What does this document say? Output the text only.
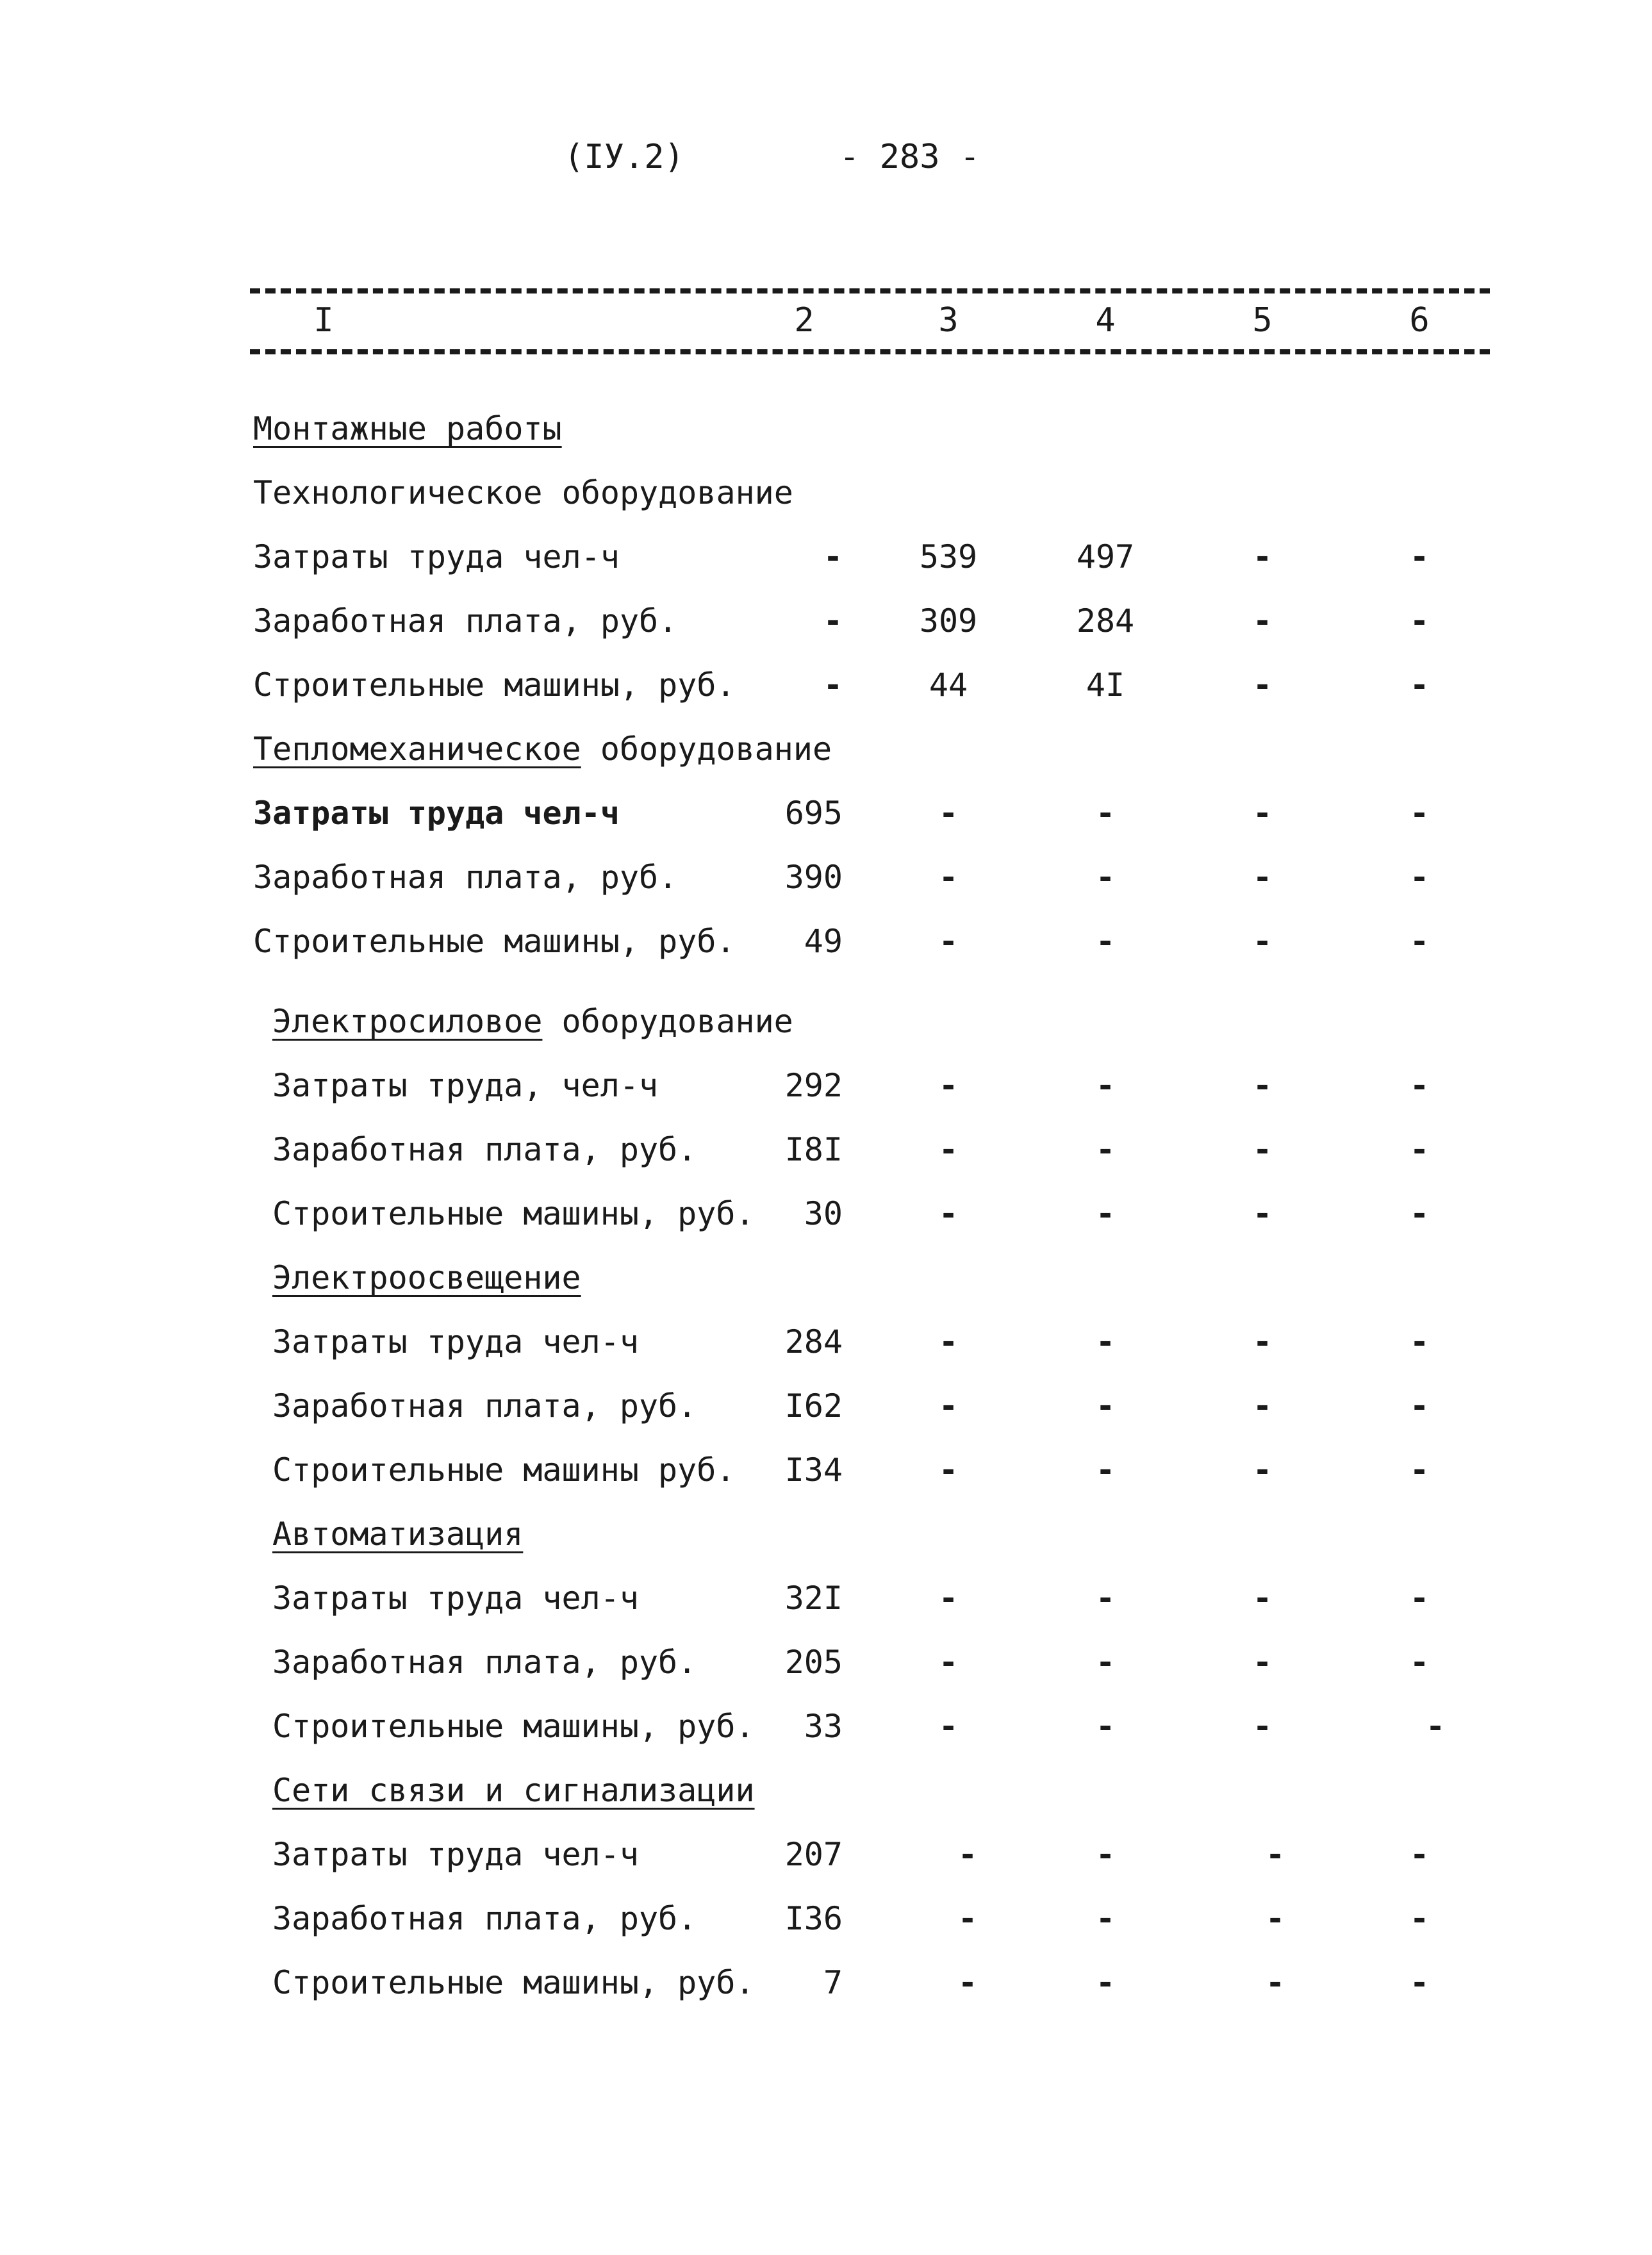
(IУ.2)	- 283 -
I	2	3	4	5	6
Монтажные работы
Технологическое оборудование
Затраты труда чел-ч	-	539	497	-	-
Заработная плата, руб.	-	309	284	-	-
Строительные машины, руб.	-	44	4I	-	-
Тепломеханическое оборудование
Затраты труда чел-ч	695	-	-	-	-
Заработная плата, руб.	390	-	-	-	-
Строительные машины, руб.	49	-	-	-	-
Электросиловое оборудование
Затраты труда, чел-ч	292	-	-	-	-
Заработная плата, руб.	I8I	-	-	-	-
Строительные машины, руб.	30	-	-	-	-
Электроосвещение
Затраты труда чел-ч	284	-	-	-	-
Заработная плата, руб.	I62	-	-	-	-
Строительные машины руб.	I34	-	-	-	-
Автоматизация
Затраты труда чел-ч	32I	-	-	-	-
Заработная плата, руб.	205	-	-	-	-
Строительные машины, руб.	33	-	-	-	-
Сети связи и сигнализации
Затраты труда чел-ч	207	-	-	-	-
Заработная плата, руб.	I36	-	-	-	-
Строительные машины, руб.	7	-	-	-	-
